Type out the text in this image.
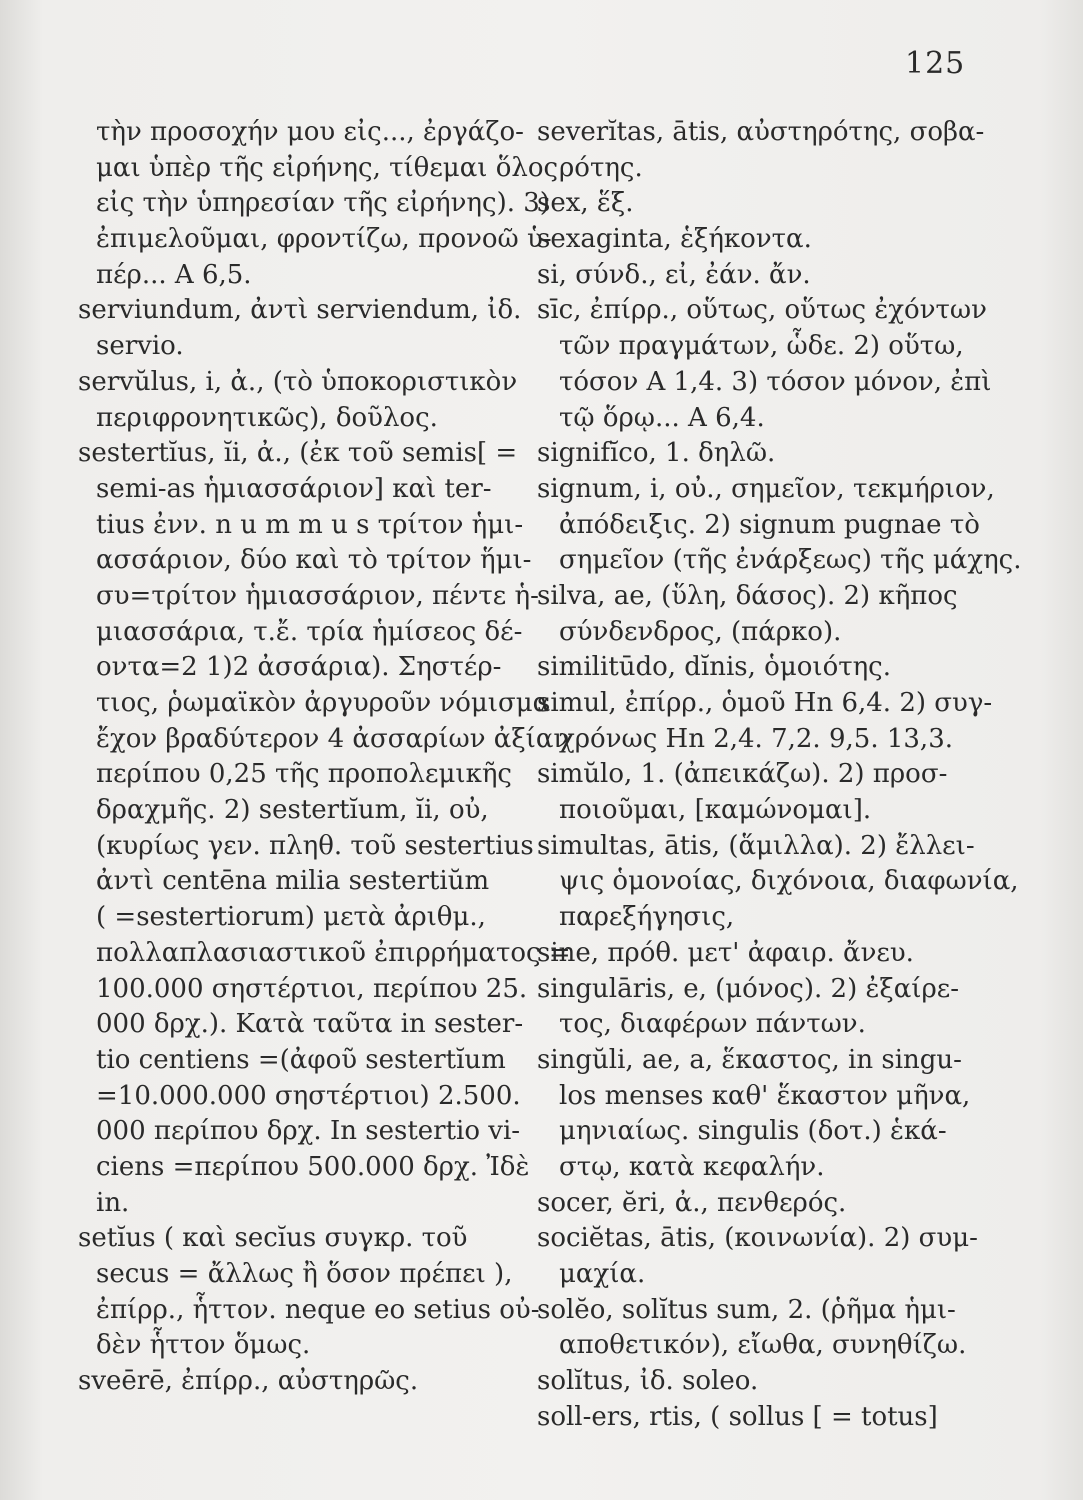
125
τὴν προσοχήν μου εἰς..., ἐργάζο-
μαι ὑπὲρ τῆς εἰρήνης, τίθεμαι ὅλος
εἰς τὴν ὑπηρεσίαν τῆς εἰρήνης). 3)
ἐπιμελοῦμαι, φροντίζω, προνοῶ ὑ-
πέρ... A 6,5.
serviundum, ἀντὶ serviendum, ἰδ.
servio.
servŭlus, i, ἀ., (τὸ ὑποκοριστικὸν
περιφρονητικῶς), δοῦλος.
sestertĭus, ĭi, ἀ., (ἐκ τοῦ semis[ =
semi-as ἡμιασσάριον] καὶ ter-
tius ἐνν. n u m m u s τρίτον ἡμι-
ασσάριον, δύο καὶ τὸ τρίτον ἥμι-
συ=τρίτον ἡμιασσάριον, πέντε ἡ-
μιασσάρια, τ.ἔ. τρία ἡμίσεος δέ-
οντα=2 1)2 ἀσσάρια). Σηστέρ-
τιος, ῥωμαϊκὸν ἀργυροῦν νόμισμα
ἔχον βραδύτερον 4 ἀσσαρίων ἀξίαν
περίπου 0,25 τῆς προπολεμικῆς
δραχμῆς. 2) sestertĭum, ĭi, οὐ,
(κυρίως γεν. πληθ. τοῦ sestertius
ἀντὶ centēna milia sestertiŭm
( =sestertiorum) μετὰ ἀριθμ.,
πολλαπλασιαστικοῦ ἐπιρρήματος =
100.000 σηστέρτιοι, περίπου 25.
000 δρχ.). Κατὰ ταῦτα in sester-
tio centiens =(ἀφοῦ sestertĭum
=10.000.000 σηστέρτιοι) 2.500.
000 περίπου δρχ. In sestertio vi-
ciens =περίπου 500.000 δρχ. Ἰδὲ
in.
setĭus ( καὶ secĭus συγκρ. τοῦ
secus = ἄλλως ἢ ὅσον πρέπει ),
ἐπίρρ., ἧττον. neque eo setius οὐ-
δὲν ἧττον ὅμως.
sveērē, ἐπίρρ., αὐστηρῶς.
severĭtas, ātis, αὐστηρότης, σοβα-
ρότης.
sex, ἕξ.
sexaginta, ἑξήκοντα.
si, σύνδ., εἰ, ἐάν. ἄν.
sīc, ἐπίρρ., οὕτως, οὕτως ἐχόντων
τῶν πραγμάτων, ὧδε. 2) οὕτω,
τόσον A 1,4. 3) τόσον μόνον, ἐπὶ
τῷ ὅρῳ... A 6,4.
signifĭco, 1. δηλῶ.
signum, i, οὐ., σημεῖον, τεκμήριον,
ἀπόδειξις. 2) signum pugnae τὸ
σημεῖον (τῆς ἐνάρξεως) τῆς μάχης.
silva, ae, (ὕλη, δάσος). 2) κῆπος
σύνδενδρος, (πάρκο).
similitūdo, dĭnis, ὁμοιότης.
simul, ἐπίρρ., ὁμοῦ Hn 6,4. 2) συγ-
χρόνως Hn 2,4. 7,2. 9,5. 13,3.
simŭlo, 1. (ἀπεικάζω). 2) προσ-
ποιοῦμαι, [καμώνομαι].
simultas, ātis, (ἅμιλλα). 2) ἔλλει-
ψις ὁμονοίας, διχόνοια, διαφωνία,
παρεξήγησις,
sine, πρόθ. μετ' ἀφαιρ. ἄνευ.
singulāris, e, (μόνος). 2) ἐξαίρε-
τος, διαφέρων πάντων.
singŭli, ae, a, ἕκαστος, in singu-
los menses καθ' ἕκαστον μῆνα,
μηνιαίως. singulis (δοτ.) ἑκά-
στῳ, κατὰ κεφαλήν.
socer, ĕri, ἀ., πενθερός.
sociĕtas, ātis, (κοινωνία). 2) συμ-
μαχία.
solĕo, solĭtus sum, 2. (ῥῆμα ἡμι-
αποθετικόν), εἴωθα, συνηθίζω.
solĭtus, ἰδ. soleo.
soll-ers, rtis, ( sollus [ = totus]
